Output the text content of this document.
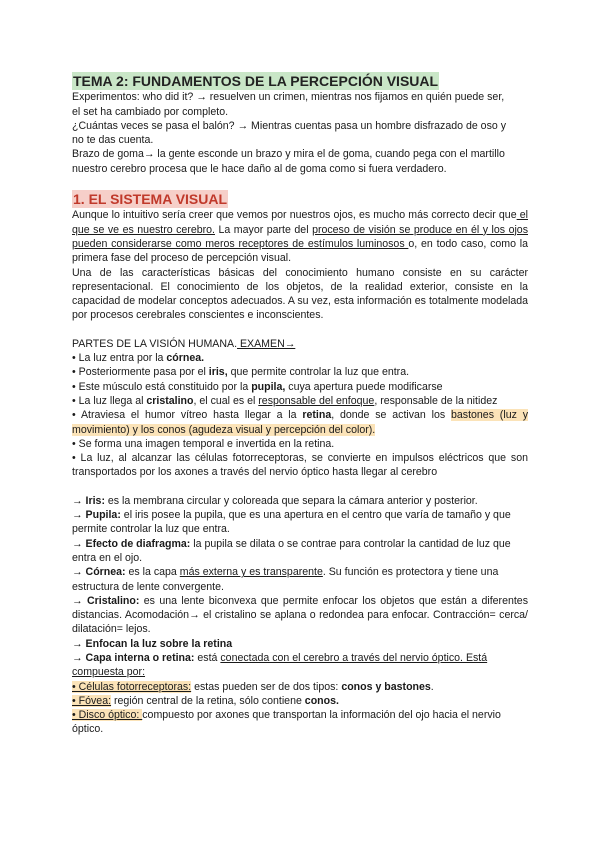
TEMA 2: FUNDAMENTOS DE LA PERCEPCIÓN VISUAL

Experimentos: who did it? → resuelven un crimen, mientras nos fijamos en quién puede ser,

el set ha cambiado por completo.

¿Cuántas veces se pasa el balón? → Mientras cuentas pasa un hombre disfrazado de oso y

no te das cuenta.

Brazo de goma→ la gente esconde un brazo y mira el de goma, cuando pega con el martillo

nuestro cerebro procesa que le hace daño al de goma como si fuera verdadero.

1. EL SISTEMA VISUAL

Aunque lo intuitivo sería creer que vemos por nuestros ojos, es mucho más correcto decir que el que se ve es nuestro cerebro. La mayor parte del proceso de visión se produce en él y los ojos pueden considerarse como meros receptores de estímulos luminosos o, en todo caso, como la primera fase del proceso de percepción visual.

Una de las características básicas del conocimiento humano consiste en su carácter representacional. El conocimiento de los objetos, de la realidad exterior, consiste en la capacidad de modelar conceptos adecuados. A su vez, esta información es totalmente modelada por procesos cerebrales conscientes e inconscientes.

PARTES DE LA VISIÓN HUMANA. EXAMEN→

• La luz entra por la córnea.

• Posteriormente pasa por el iris, que permite controlar la luz que entra.

• Este músculo está constituido por la pupila, cuya apertura puede modificarse

• La luz llega al cristalino, el cual es el responsable del enfoque, responsable de la nitidez

• Atraviesa el humor vítreo hasta llegar a la retina, donde se activan los bastones (luz y movimiento) y los conos (agudeza visual y percepción del color).

• Se forma una imagen temporal e invertida en la retina.

• La luz, al alcanzar las células fotorreceptoras, se convierte en impulsos eléctricos que son transportados por los axones a través del nervio óptico hasta llegar al cerebro

→ Iris: es la membrana circular y coloreada que separa la cámara anterior y posterior.

→ Pupila: el iris posee la pupila, que es una apertura en el centro que varía de tamaño y que permite controlar la luz que entra.

→ Efecto de diafragma: la pupila se dilata o se contrae para controlar la cantidad de luz que entra en el ojo.

→ Córnea: es la capa más externa y es transparente. Su función es protectora y tiene una estructura de lente convergente.

→ Cristalino: es una lente biconvexa que permite enfocar los objetos que están a diferentes distancias. Acomodación→ el cristalino se aplana o redondea para enfocar. Contracción= cerca/ dilatación= lejos.

→ Enfocan la luz sobre la retina

→ Capa interna o retina: está conectada con el cerebro a través del nervio óptico. Está compuesta por:

• Células fotorreceptoras: estas pueden ser de dos tipos: conos y bastones.

• Fóvea: región central de la retina, sólo contiene conos.

• Disco óptico: compuesto por axones que transportan la información del ojo hacia el nervio óptico.
